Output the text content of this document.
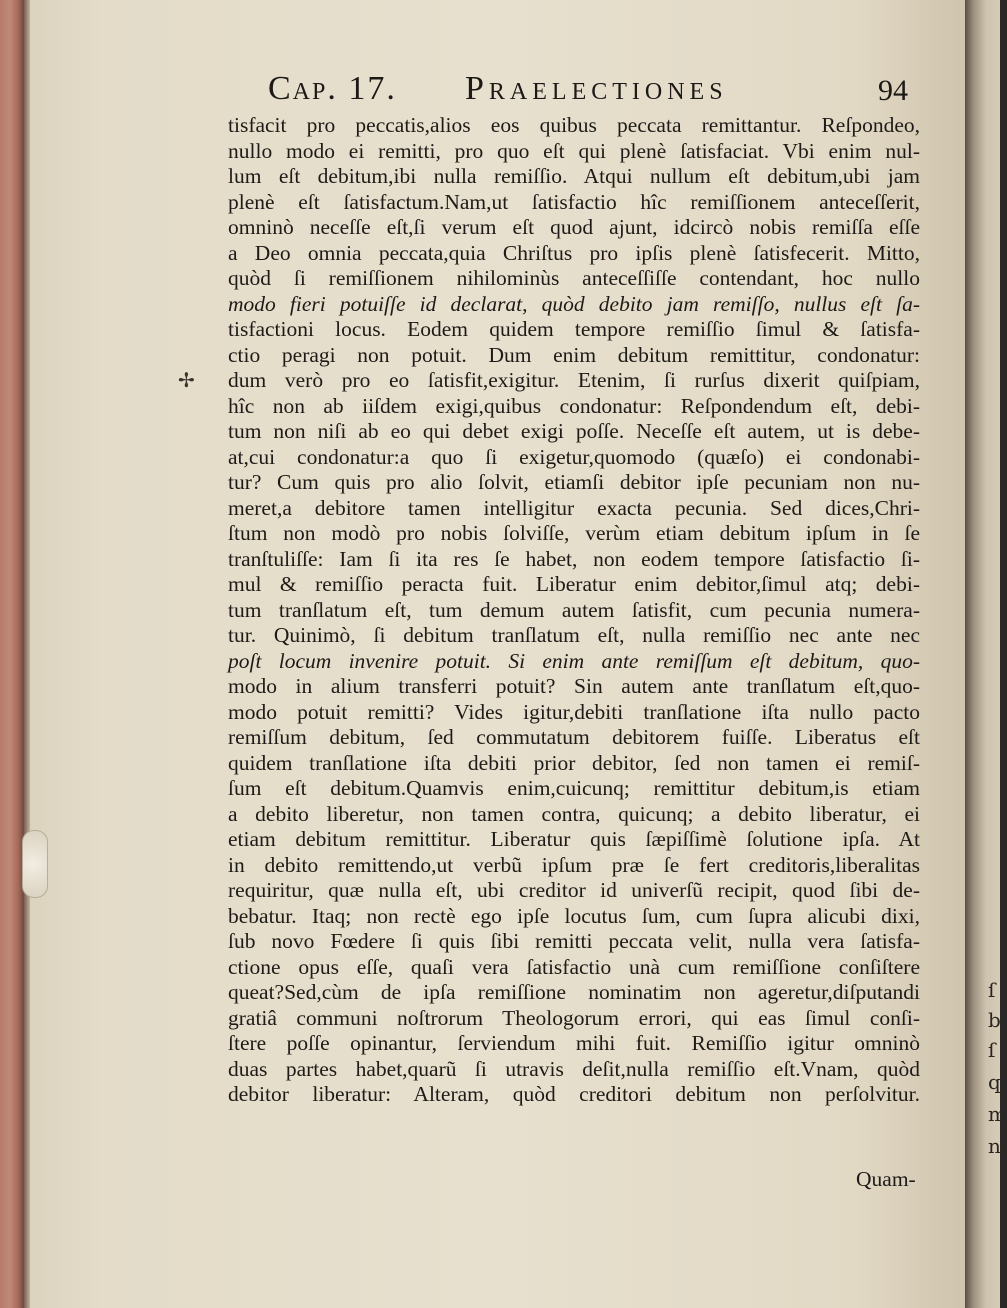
ſ
b
ſ
q
m
ni
Cap. 17. Praelectiones	94
✢
tisfacit pro peccatis,alios eos quibus peccata remittantur. Reſpondeo,
nullo modo ei remitti, pro quo eſt qui plenè ſatisfaciat. Vbi enim nul-
lum eſt debitum,ibi nulla remiſſio. Atqui nullum eſt debitum,ubi jam
plenè eſt ſatisfactum.Nam,ut ſatisfactio hîc remiſſionem anteceſſerit,
omninò neceſſe eſt,ſi verum eſt quod ajunt, idcircò nobis remiſſa eſſe
a Deo omnia peccata,quia Chriſtus pro ipſis plenè ſatisfecerit. Mitto,
quòd ſi remiſſionem nihilominùs anteceſſiſſe contendant, hoc nullo
modo fieri potuiſſe id declarat, quòd debito jam remiſſo, nullus eſt ſa-
tisfactioni locus. Eodem quidem tempore remiſſio ſimul & ſatisfa-
ctio peragi non potuit. Dum enim debitum remittitur, condonatur:
dum verò pro eo ſatisfit,exigitur. Etenim, ſi rurſus dixerit quiſpiam,
hîc non ab iiſdem exigi,quibus condonatur: Reſpondendum eſt, debi-
tum non niſi ab eo qui debet exigi poſſe. Neceſſe eſt autem, ut is debe-
at,cui condonatur:a quo ſi exigetur,quomodo (quæſo) ei condonabi-
tur? Cum quis pro alio ſolvit, etiamſi debitor ipſe pecuniam non nu-
meret,a debitore tamen intelligitur exacta pecunia. Sed dices,Chri-
ſtum non modò pro nobis ſolviſſe, verùm etiam debitum ipſum in ſe
tranſtuliſſe: Iam ſi ita res ſe habet, non eodem tempore ſatisfactio ſi-
mul & remiſſio peracta fuit. Liberatur enim debitor,ſimul atq; debi-
tum tranſlatum eſt, tum demum autem ſatisfit, cum pecunia numera-
tur. Quinimò, ſi debitum tranſlatum eſt, nulla remiſſio nec ante nec
poſt locum invenire potuit. Si enim ante remiſſum eſt debitum, quo-
modo in alium transferri potuit? Sin autem ante tranſlatum eſt,quo-
modo potuit remitti? Vides igitur,debiti tranſlatione iſta nullo pacto
remiſſum debitum, ſed commutatum debitorem fuiſſe. Liberatus eſt
quidem tranſlatione iſta debiti prior debitor, ſed non tamen ei remiſ-
ſum eſt debitum.Quamvis enim,cuicunq; remittitur debitum,is etiam
a debito liberetur, non tamen contra, quicunq; a debito liberatur, ei
etiam debitum remittitur. Liberatur quis ſæpiſſimè ſolutione ipſa. At
in debito remittendo,ut verbũ ipſum præ ſe fert creditoris,liberalitas
requiritur, quæ nulla eſt, ubi creditor id univerſũ recipit, quod ſibi de-
bebatur. Itaq; non rectè ego ipſe locutus ſum, cum ſupra alicubi dixi,
ſub novo Fœdere ſi quis ſibi remitti peccata velit, nulla vera ſatisfa-
ctione opus eſſe, quaſi vera ſatisfactio unà cum remiſſione conſiſtere
queat?Sed,cùm de ipſa remiſſione nominatim non ageretur,diſputandi
gratiâ communi noſtrorum Theologorum errori, qui eas ſimul conſi-
ſtere poſſe opinantur, ſerviendum mihi fuit. Remiſſio igitur omninò
duas partes habet,quarũ ſi utravis deſit,nulla remiſſio eſt.Vnam, quòd
debitor liberatur: Alteram, quòd creditori debitum non perſolvitur.
Quam-
